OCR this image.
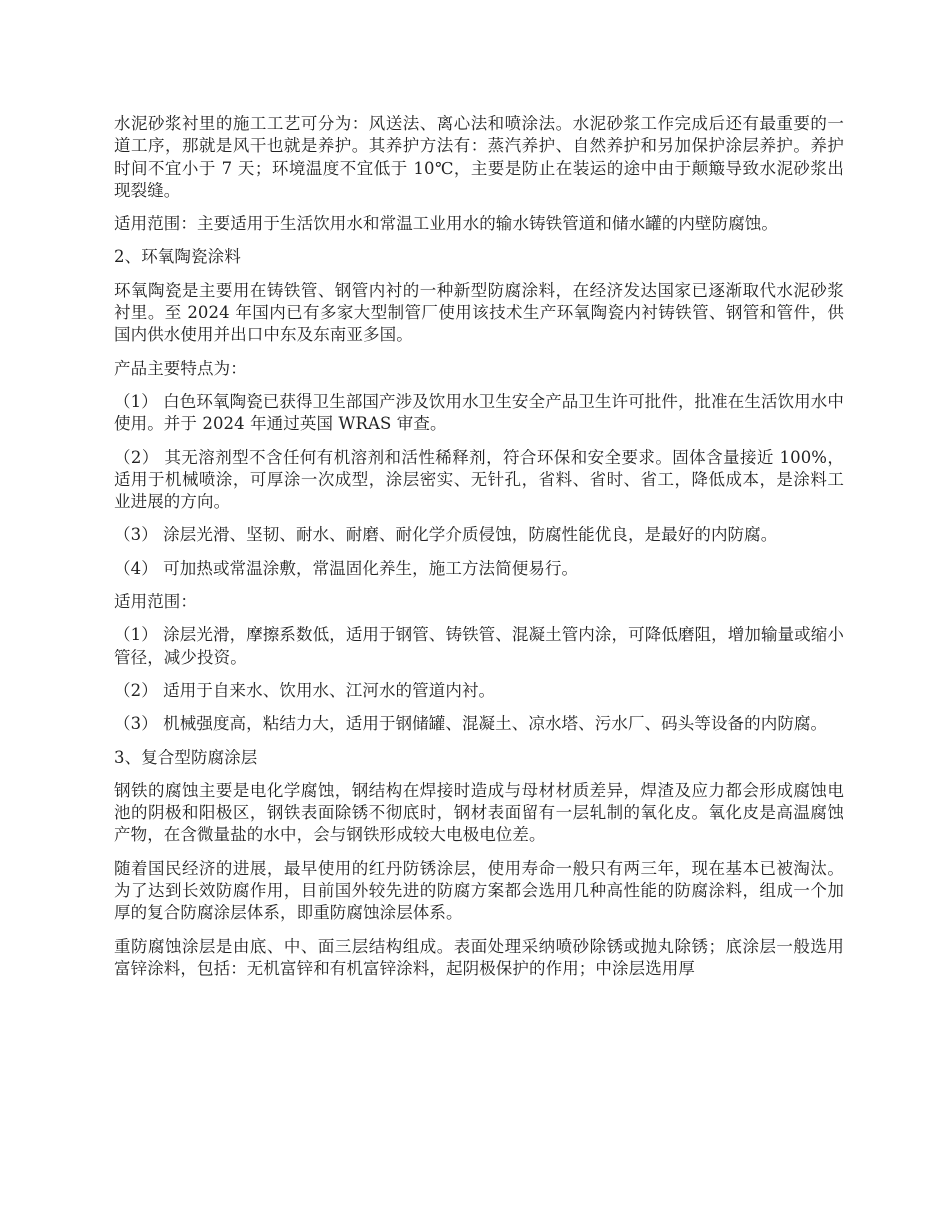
水泥砂浆衬里的施工工艺可分为：风送法、离心法和喷涂法。水泥砂浆工作完成后还有最重要的一道工序，那就是风干也就是养护。其养护方法有：蒸汽养护、自然养护和另加保护涂层养护。养护时间不宜小于 7 天；环境温度不宜低于 10℃，主要是防止在装运的途中由于颠簸导致水泥砂浆出现裂缝。

适用范围：主要适用于生活饮用水和常温工业用水的输水铸铁管道和储水罐的内壁防腐蚀。

2、环氧陶瓷涂料

环氧陶瓷是主要用在铸铁管、钢管内衬的一种新型防腐涂料，在经济发达国家已逐渐取代水泥砂浆衬里。至 2024 年国内已有多家大型制管厂使用该技术生产环氧陶瓷内衬铸铁管、钢管和管件，供国内供水使用并出口中东及东南亚多国。

产品主要特点为：

（1） 白色环氧陶瓷已获得卫生部国产涉及饮用水卫生安全产品卫生许可批件，批准在生活饮用水中使用。并于 2024 年通过英国 WRAS 审查。

（2） 其无溶剂型不含任何有机溶剂和活性稀释剂，符合环保和安全要求。固体含量接近 100%，适用于机械喷涂，可厚涂一次成型，涂层密实、无针孔，省料、省时、省工，降低成本，是涂料工业进展的方向。

（3） 涂层光滑、坚韧、耐水、耐磨、耐化学介质侵蚀，防腐性能优良，是最好的内防腐。

（4） 可加热或常温涂敷，常温固化养生，施工方法简便易行。

适用范围：

（1） 涂层光滑，摩擦系数低，适用于钢管、铸铁管、混凝土管内涂，可降低磨阻，增加输量或缩小管径，减少投资。

（2） 适用于自来水、饮用水、江河水的管道内衬。

（3） 机械强度高，粘结力大，适用于钢储罐、混凝土、凉水塔、污水厂、码头等设备的内防腐。

3、复合型防腐涂层

钢铁的腐蚀主要是电化学腐蚀，钢结构在焊接时造成与母材材质差异，焊渣及应力都会形成腐蚀电池的阴极和阳极区，钢铁表面除锈不彻底时，钢材表面留有一层轧制的氧化皮。氧化皮是高温腐蚀产物，在含微量盐的水中，会与钢铁形成较大电极电位差。

随着国民经济的进展，最早使用的红丹防锈涂层，使用寿命一般只有两三年，现在基本已被淘汰。为了达到长效防腐作用，目前国外较先进的防腐方案都会选用几种高性能的防腐涂料，组成一个加厚的复合防腐涂层体系，即重防腐蚀涂层体系。

重防腐蚀涂层是由底、中、面三层结构组成。表面处理采纳喷砂除锈或抛丸除锈；底涂层一般选用富锌涂料，包括：无机富锌和有机富锌涂料，起阴极保护的作用；中涂层选用厚
